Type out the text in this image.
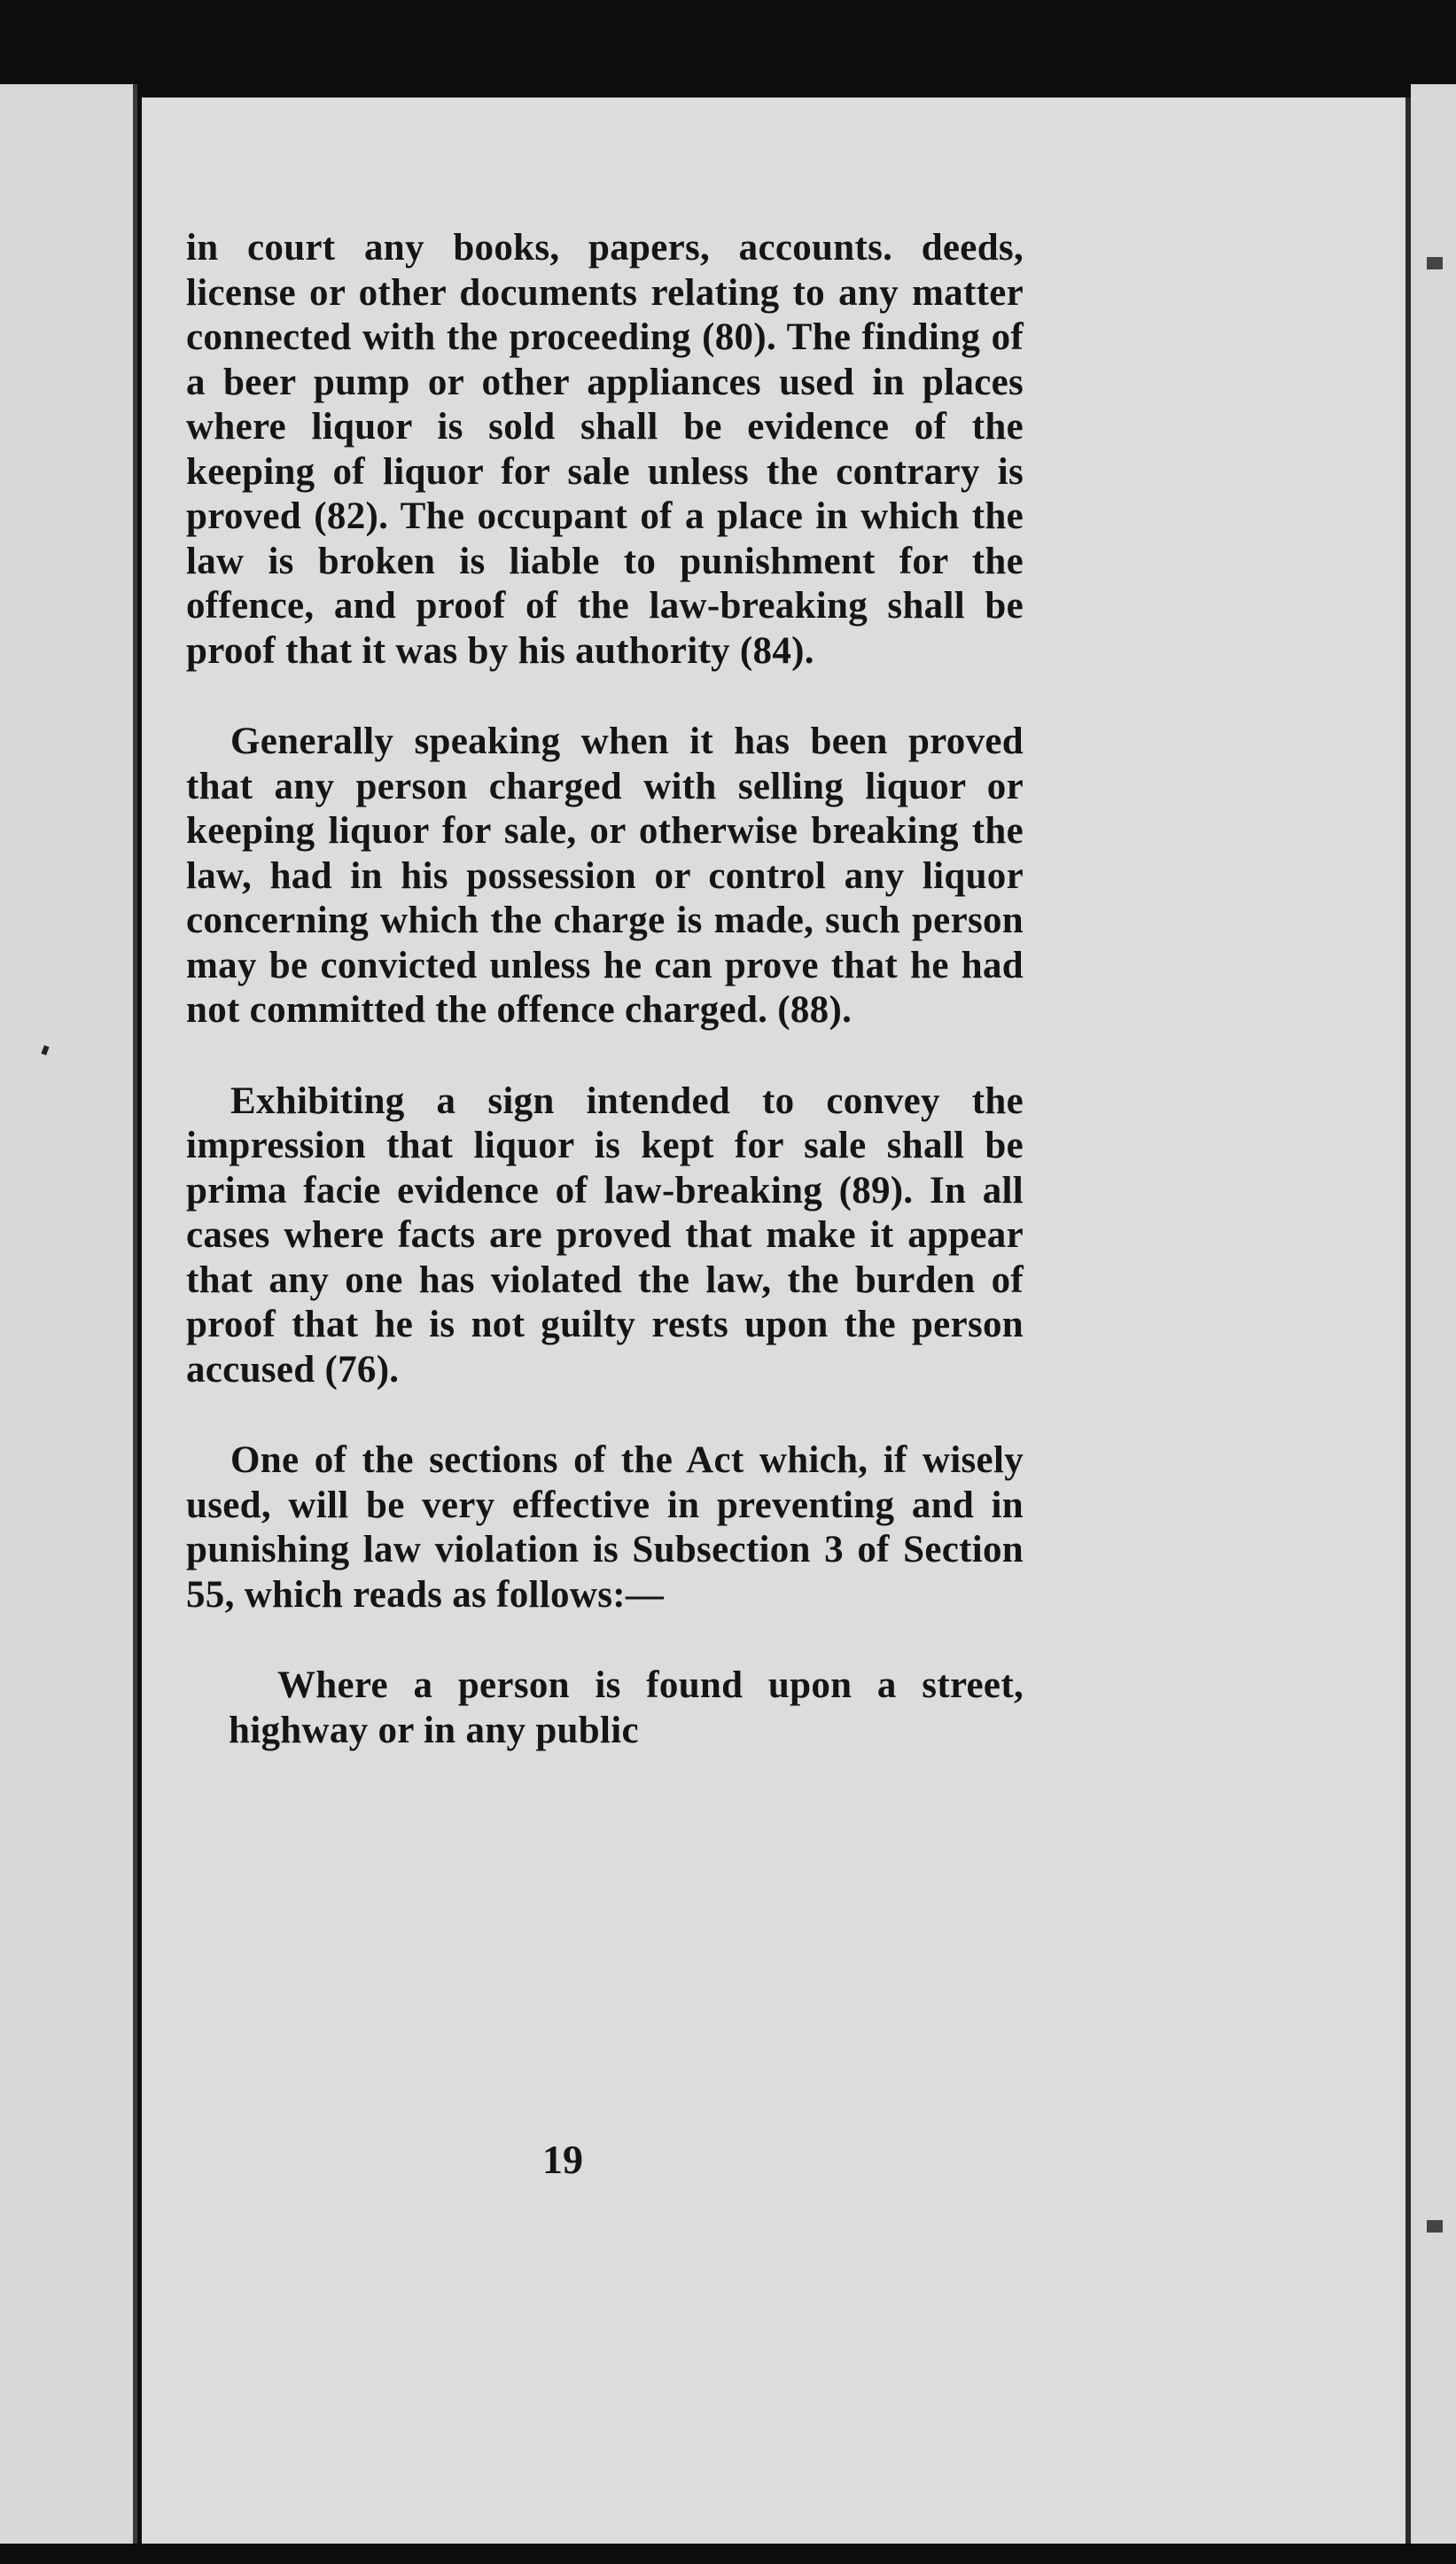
in court any books, papers, accounts. deeds, license or other documents relating to any matter connected with the proceeding (80). The finding of a beer pump or other appliances used in places where liquor is sold shall be evidence of the keeping of liquor for sale unless the contrary is proved (82). The occupant of a place in which the law is broken is liable to punishment for the offence, and proof of the law-breaking shall be proof that it was by his authority (84).

Generally speaking when it has been proved that any person charged with selling liquor or keeping liquor for sale, or otherwise breaking the law, had in his possession or control any liquor concerning which the charge is made, such person may be convicted unless he can prove that he had not committed the offence charged. (88).

Exhibiting a sign intended to convey the impression that liquor is kept for sale shall be prima facie evidence of law-breaking (89). In all cases where facts are proved that make it appear that any one has violated the law, the burden of proof that he is not guilty rests upon the person accused (76).

One of the sections of the Act which, if wisely used, will be very effective in preventing and in punishing law violation is Subsection 3 of Section 55, which reads as follows:—

Where a person is found upon a street, highway or in any public

19
